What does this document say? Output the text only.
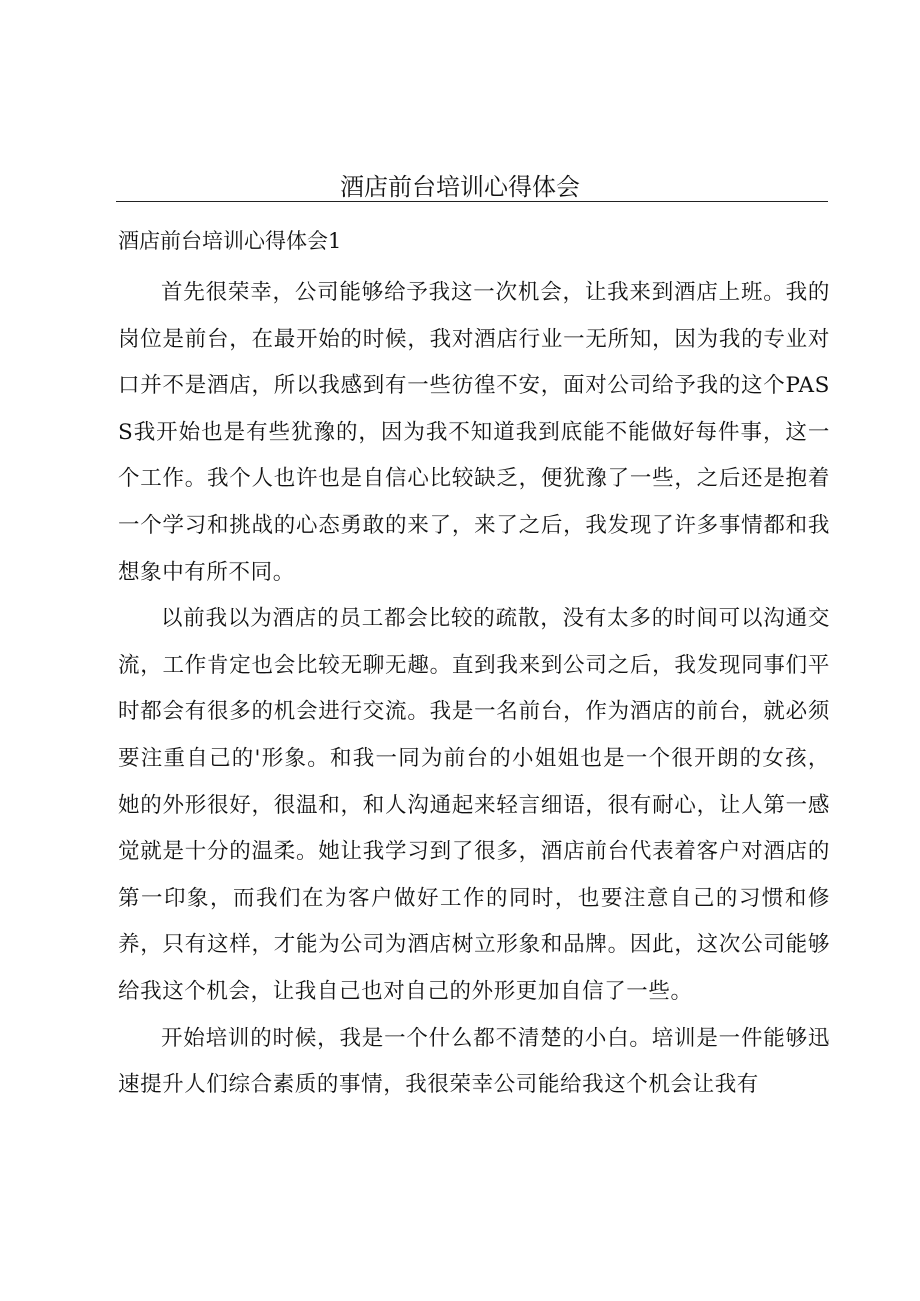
酒店前台培训心得体会
酒店前台培训心得体会1

首先很荣幸，公司能够给予我这一次机会，让我来到酒店上班。我的岗位是前台，在最开始的时候，我对酒店行业一无所知，因为我的专业对口并不是酒店，所以我感到有一些彷徨不安，面对公司给予我的这个PASS我开始也是有些犹豫的，因为我不知道我到底能不能做好每件事，这一个工作。我个人也许也是自信心比较缺乏，便犹豫了一些，之后还是抱着一个学习和挑战的心态勇敢的来了，来了之后，我发现了许多事情都和我想象中有所不同。

以前我以为酒店的员工都会比较的疏散，没有太多的时间可以沟通交流，工作肯定也会比较无聊无趣。直到我来到公司之后，我发现同事们平时都会有很多的机会进行交流。我是一名前台，作为酒店的前台，就必须要注重自己的'形象。和我一同为前台的小姐姐也是一个很开朗的女孩，她的外形很好，很温和，和人沟通起来轻言细语，很有耐心，让人第一感觉就是十分的温柔。她让我学习到了很多，酒店前台代表着客户对酒店的第一印象，而我们在为客户做好工作的同时，也要注意自己的习惯和修养，只有这样，才能为公司为酒店树立形象和品牌。因此，这次公司能够给我这个机会，让我自己也对自己的外形更加自信了一些。

开始培训的时候，我是一个什么都不清楚的小白。培训是一件能够迅速提升人们综合素质的事情，我很荣幸公司能给我这个机会让我有
